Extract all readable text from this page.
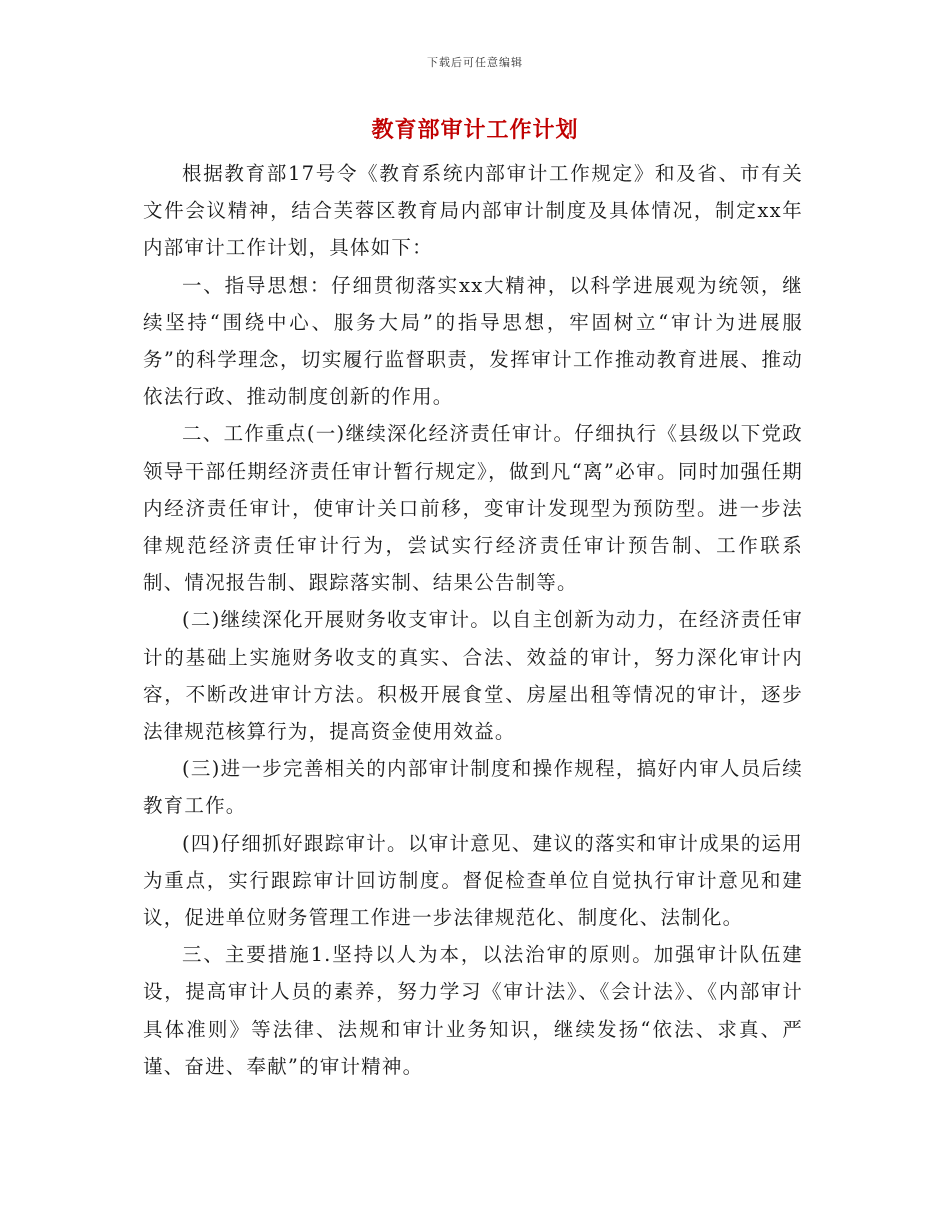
下载后可任意编辑
教育部审计工作计划

根据教育部17号令《教育系统内部审计工作规定》和及省、市有关文件会议精神，结合芙蓉区教育局内部审计制度及具体情况，制定xx年内部审计工作计划，具体如下：

一、指导思想：仔细贯彻落实xx大精神，以科学进展观为统领，继续坚持“围绕中心、服务大局”的指导思想，牢固树立“审计为进展服务”的科学理念，切实履行监督职责，发挥审计工作推动教育进展、推动依法行政、推动制度创新的作用。

二、工作重点(一)继续深化经济责任审计。仔细执行《县级以下党政领导干部任期经济责任审计暂行规定》，做到凡“离”必审。同时加强任期内经济责任审计，使审计关口前移，变审计发现型为预防型。进一步法律规范经济责任审计行为，尝试实行经济责任审计预告制、工作联系制、情况报告制、跟踪落实制、结果公告制等。

(二)继续深化开展财务收支审计。以自主创新为动力，在经济责任审计的基础上实施财务收支的真实、合法、效益的审计，努力深化审计内容，不断改进审计方法。积极开展食堂、房屋出租等情况的审计，逐步法律规范核算行为，提高资金使用效益。

(三)进一步完善相关的内部审计制度和操作规程，搞好内审人员后续教育工作。

(四)仔细抓好跟踪审计。以审计意见、建议的落实和审计成果的运用为重点，实行跟踪审计回访制度。督促检查单位自觉执行审计意见和建议，促进单位财务管理工作进一步法律规范化、制度化、法制化。

三、主要措施1.坚持以人为本，以法治审的原则。加强审计队伍建设，提高审计人员的素养，努力学习《审计法》、《会计法》、《内部审计具体准则》等法律、法规和审计业务知识，继续发扬“依法、求真、严谨、奋进、奉献”的审计精神。
